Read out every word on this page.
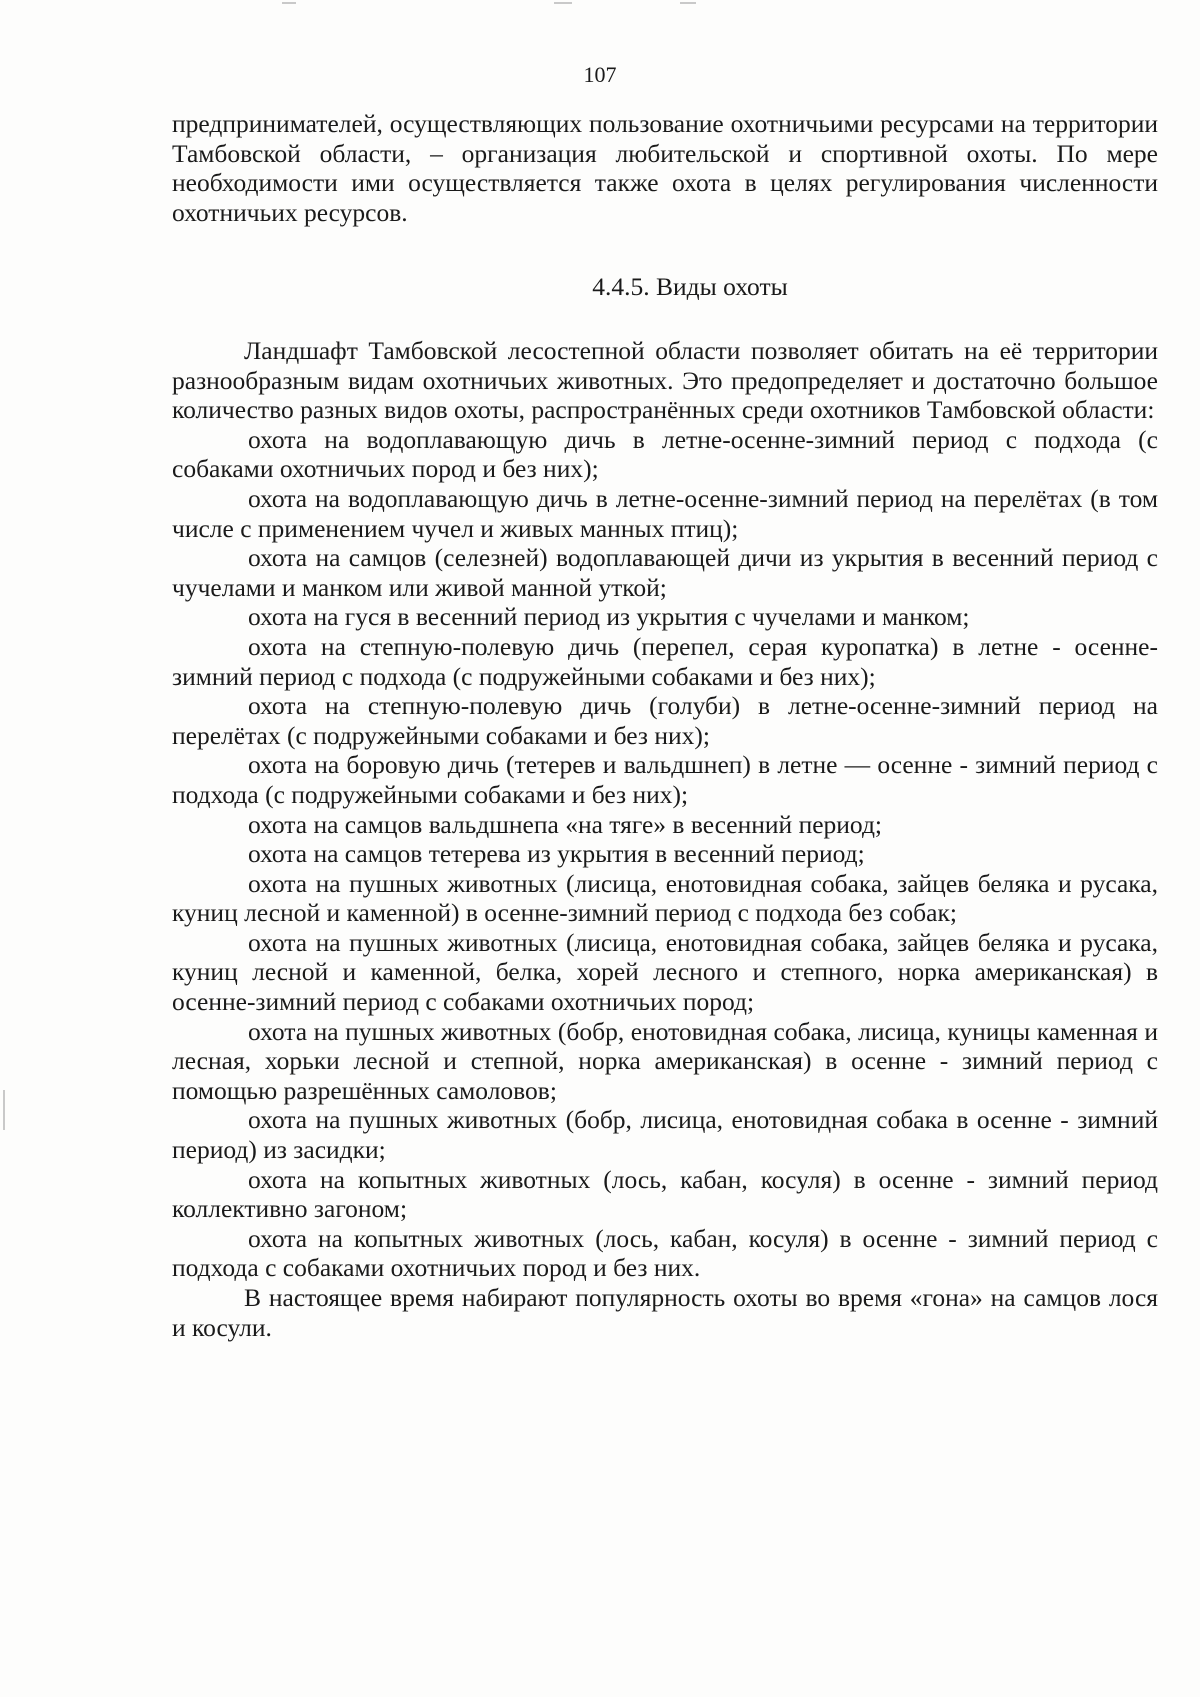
107

предпринимателей, осуществляющих пользование охотничьими ресурсами на территории Тамбовской области, – организация любительской и спортивной охоты. По мере необходимости ими осуществляется также охота в целях регулирования численности охотничьих ресурсов.

4.4.5. Виды охоты

Ландшафт Тамбовской лесостепной области позволяет обитать на её территории разнообразным видам охотничьих животных. Это предопределяет и достаточно большое количество разных видов охоты, распространённых среди охотников Тамбовской области:

охота на водоплавающую дичь в летне-осенне-зимний период с подхода (с собаками охотничьих пород и без них);

охота на водоплавающую дичь в летне-осенне-зимний период на перелётах (в том числе с применением чучел и живых манных птиц);

охота на самцов (селезней) водоплавающей дичи из укрытия в весенний период с чучелами и манком или живой манной уткой;

охота на гуся в весенний период из укрытия с чучелами и манком;

охота на степную-полевую дичь (перепел, серая куропатка) в летне - осенне-зимний период с подхода (с подружейными собаками и без них);

охота на степную-полевую дичь (голуби) в летне-осенне-зимний период на перелётах (с подружейными собаками и без них);

охота на боровую дичь (тетерев и вальдшнеп) в летне — осенне - зимний период с подхода (с подружейными собаками и без них);

охота на самцов вальдшнепа «на тяге» в весенний период;

охота на самцов тетерева из укрытия в весенний период;

охота на пушных животных (лисица, енотовидная собака, зайцев беляка и русака, куниц лесной и каменной) в осенне-зимний период с подхода без собак;

охота на пушных животных (лисица, енотовидная собака, зайцев беляка и русака, куниц лесной и каменной, белка, хорей лесного и степного, норка американская) в осенне-зимний период с собаками охотничьих пород;

охота на пушных животных (бобр, енотовидная собака, лисица, куницы каменная и лесная, хорьки лесной и степной, норка американская) в осенне - зимний период с помощью разрешённых самоловов;

охота на пушных животных (бобр, лисица, енотовидная собака в осенне - зимний период) из засидки;

охота на копытных животных (лось, кабан, косуля) в осенне - зимний период коллективно загоном;

охота на копытных животных (лось, кабан, косуля) в осенне - зимний период с подхода с собаками охотничьих пород и без них.

В настоящее время набирают популярность охоты во время «гона» на самцов лося и косули.
